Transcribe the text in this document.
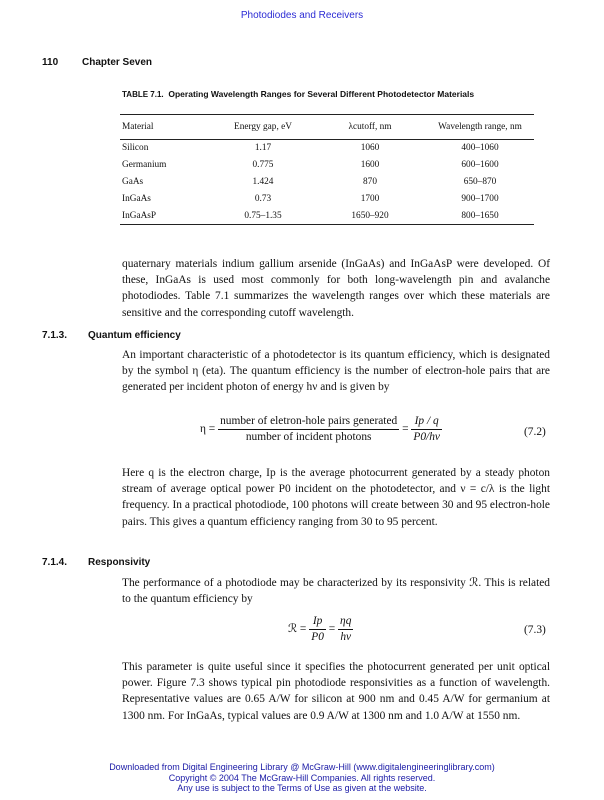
Photodiodes and Receivers
110 Chapter Seven
TABLE 7.1. Operating Wavelength Ranges for Several Different Photodetector Materials
Material	Energy gap, eV	λcutoff, nm	Wavelength range, nm
Silicon	1.17	1060	400–1060
Germanium	0.775	1600	600–1600
GaAs	1.424	870	650–870
InGaAs	0.73	1700	900–1700
InGaAsP	0.75–1.35	1650–920	800–1650
quaternary materials indium gallium arsenide (InGaAs) and InGaAsP were developed. Of these, InGaAs is used most commonly for both long-wavelength pin and avalanche photodiodes. Table 7.1 summarizes the wavelength ranges over which these materials are sensitive and the corresponding cutoff wavelength.
7.1.3. Quantum efficiency
An important characteristic of a photodetector is its quantum efficiency, which is designated by the symbol η (eta). The quantum efficiency is the number of electron-hole pairs that are generated per incident photon of energy hν and is given by
$\eta = \frac{\text{number of eletron-hole pairs generated}}{\text{number of incident photons}} = \frac{Ip / q}{P0/h\nu}$	(7.2)
Here q is the electron charge, Ip is the average photocurrent generated by a steady photon stream of average optical power P0 incident on the photodetector, and ν = c/λ is the light frequency. In a practical photodiode, 100 photons will create between 30 and 95 electron-hole pairs. This gives a quantum efficiency ranging from 30 to 95 percent.
7.1.4. Responsivity
The performance of a photodiode may be characterized by its responsivity ℛ. This is related to the quantum efficiency by
ℛ = $\frac{Ip}{P0} = \frac{\eta q}{h\nu}$	(7.3)
This parameter is quite useful since it specifies the photocurrent generated per unit optical power. Figure 7.3 shows typical pin photodiode responsivities as a function of wavelength. Representative values are 0.65 A/W for silicon at 900 nm and 0.45 A/W for germanium at 1300 nm. For InGaAs, typical values are 0.9 A/W at 1300 nm and 1.0 A/W at 1550 nm.
Downloaded from Digital Engineering Library @ McGraw-Hill (www.digitalengineeringlibrary.com)
Copyright © 2004 The McGraw-Hill Companies. All rights reserved.
Any use is subject to the Terms of Use as given at the website.
